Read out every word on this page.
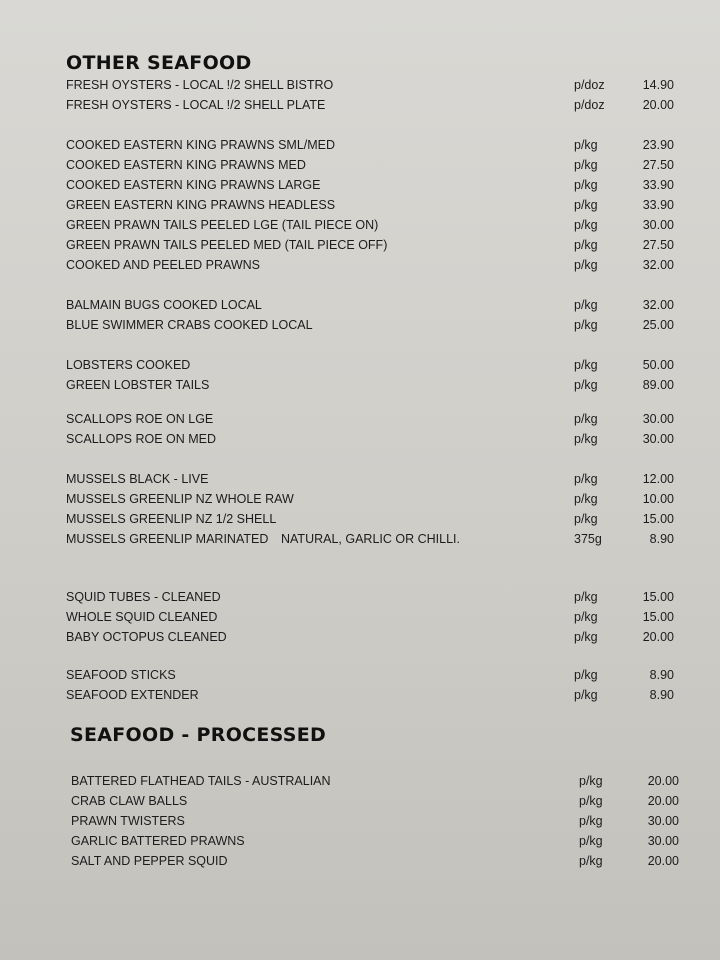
OTHER SEAFOOD
SEAFOOD - PROCESSED
FRESH OYSTERS - LOCAL !/2 SHELL BISTRO	p/doz	14.90
FRESH OYSTERS - LOCAL !/2 SHELL PLATE	p/doz	20.00
COOKED EASTERN KING PRAWNS SML/MED	p/kg	23.90
COOKED EASTERN KING PRAWNS MED	p/kg	27.50
COOKED EASTERN KING PRAWNS LARGE	p/kg	33.90
GREEN EASTERN KING PRAWNS HEADLESS	p/kg	33.90
GREEN PRAWN TAILS PEELED LGE (TAIL PIECE ON)	p/kg	30.00
GREEN PRAWN TAILS PEELED MED (TAIL PIECE OFF)	p/kg	27.50
COOKED AND PEELED PRAWNS	p/kg	32.00
BALMAIN BUGS COOKED LOCAL	p/kg	32.00
BLUE SWIMMER CRABS COOKED LOCAL	p/kg	25.00
LOBSTERS COOKED	p/kg	50.00
GREEN LOBSTER TAILS	p/kg	89.00
SCALLOPS ROE ON LGE	p/kg	30.00
SCALLOPS ROE ON MED	p/kg	30.00
MUSSELS BLACK - LIVE	p/kg	12.00
MUSSELS GREENLIP NZ WHOLE RAW	p/kg	10.00
MUSSELS GREENLIP NZ 1/2 SHELL	p/kg	15.00
MUSSELS GREENLIP MARINATED NATURAL, GARLIC OR CHILLI.	375g	8.90
SQUID TUBES - CLEANED	p/kg	15.00
WHOLE SQUID CLEANED	p/kg	15.00
BABY OCTOPUS CLEANED	p/kg	20.00
SEAFOOD STICKS	p/kg	8.90
SEAFOOD EXTENDER	p/kg	8.90
BATTERED FLATHEAD TAILS - AUSTRALIAN	p/kg	20.00
CRAB CLAW BALLS	p/kg	20.00
PRAWN TWISTERS	p/kg	30.00
GARLIC BATTERED PRAWNS	p/kg	30.00
SALT AND PEPPER SQUID	p/kg	20.00
